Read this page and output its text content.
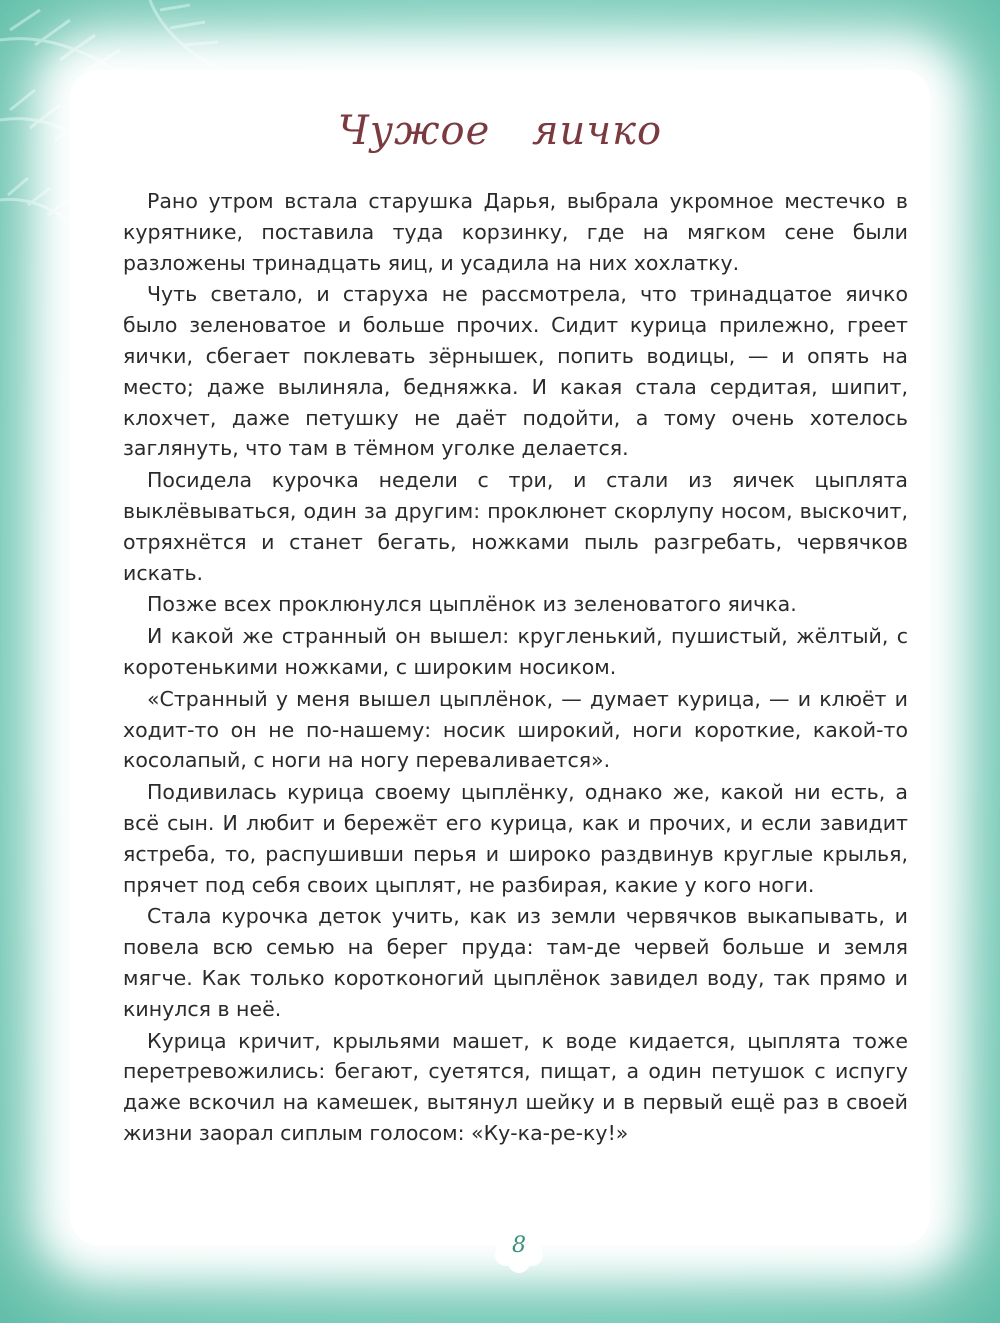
Чужое яичко

Рано утром встала старушка Дарья, выбрала укромное местечко в курятнике, поставила туда корзинку, где на мягком сене были разложены тринадцать яиц, и усадила на них хохлатку.

Чуть светало, и старуха не рассмотрела, что тринадцатое яичко было зеленоватое и больше прочих. Сидит курица прилежно, греет яички, сбегает поклевать зёрнышек, попить водицы, — и опять на место; даже вылиняла, бедняжка. И какая стала сердитая, шипит, клохчет, даже петушку не даёт подойти, а тому очень хотелось заглянуть, что там в тёмном уголке делается.

Посидела курочка недели с три, и стали из яичек цыплята выклёвываться, один за другим: проклюнет скорлупу носом, выскочит, отряхнётся и станет бегать, ножками пыль разгребать, червячков искать.

Позже всех проклюнулся цыплёнок из зеленоватого яичка.

И какой же странный он вышел: кругленький, пушистый, жёлтый, с коротенькими ножками, с широким носиком.

«Странный у меня вышел цыплёнок, — думает курица, — и клюёт и ходит-то он не по-нашему: носик широкий, ноги короткие, какой-то косолапый, с ноги на ногу переваливается».

Подивилась курица своему цыплёнку, однако же, какой ни есть, а всё сын. И любит и бережёт его курица, как и прочих, и если завидит ястреба, то, распушивши перья и широко раздвинув круглые крылья, прячет под себя своих цыплят, не разбирая, какие у кого ноги.

Стала курочка деток учить, как из земли червячков выкапывать, и повела всю семью на берег пруда: там-де червей больше и земля мягче. Как только коротконогий цыплёнок завидел воду, так прямо и кинулся в неё.

Курица кричит, крыльями машет, к воде кидается, цыплята тоже перетревожились: бегают, суетятся, пищат, а один петушок с испугу даже вскочил на камешек, вытянул шейку и в первый ещё раз в своей жизни заорал сиплым голосом: «Ку-ка-ре-ку!»

8
